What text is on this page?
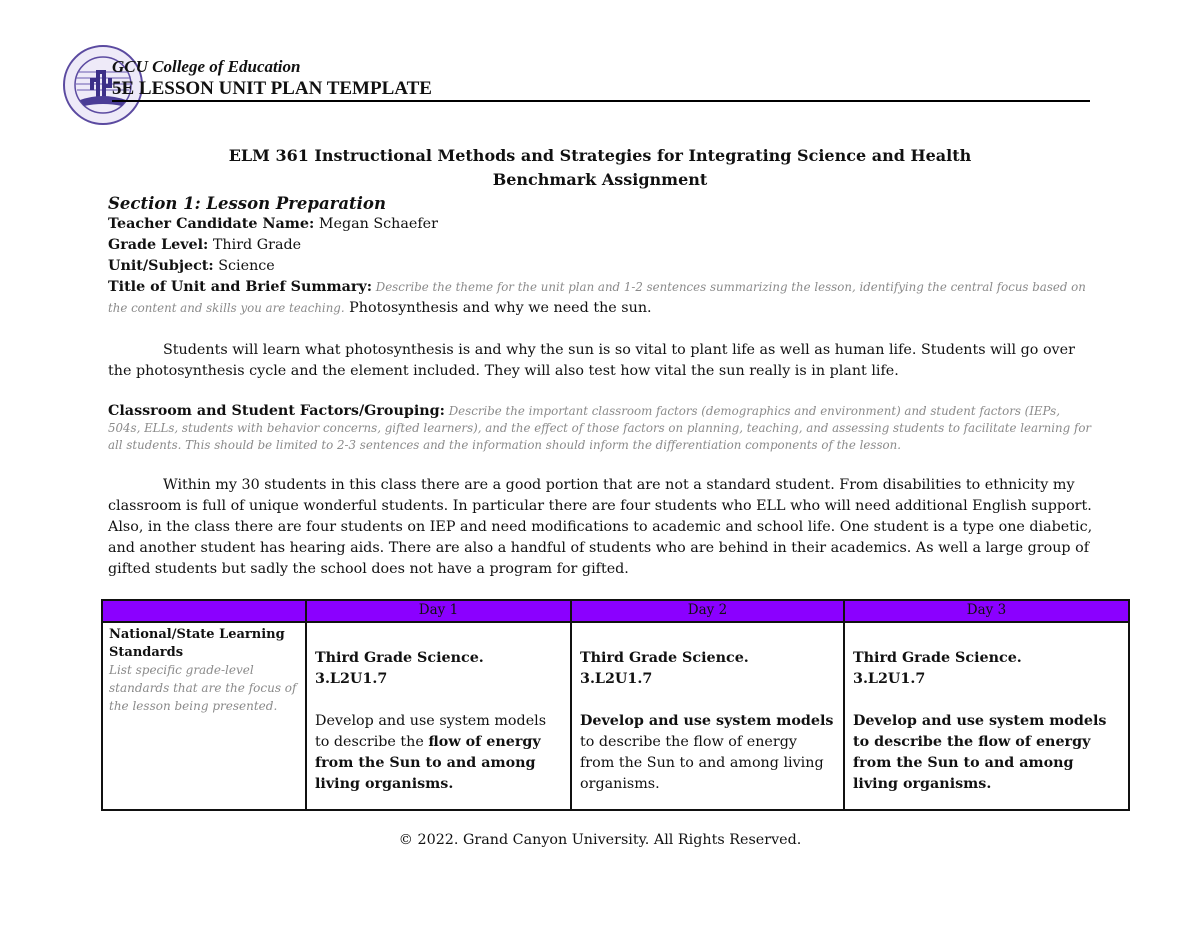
GCU College of Education
5E LESSON UNIT PLAN TEMPLATE
ELM 361 Instructional Methods and Strategies for Integrating Science and Health
Benchmark Assignment

Section 1: Lesson Preparation

Teacher Candidate Name: Megan Schaefer

Grade Level: Third Grade

Unit/Subject: Science

Title of Unit and Brief Summary: Describe the theme for the unit plan and 1-2 sentences summarizing the lesson, identifying the central focus based on the content and skills you are teaching. Photosynthesis and why we need the sun.

Students will learn what photosynthesis is and why the sun is so vital to plant life as well as human life. Students will go over the photosynthesis cycle and the element included. They will also test how vital the sun really is in plant life.

Classroom and Student Factors/Grouping: Describe the important classroom factors (demographics and environment) and student factors (IEPs, 504s, ELLs, students with behavior concerns, gifted learners), and the effect of those factors on planning, teaching, and assessing students to facilitate learning for all students. This should be limited to 2-3 sentences and the information should inform the differentiation components of the lesson.

Within my 30 students in this class there are a good portion that are not a standard student. From disabilities to ethnicity my classroom is full of unique wonderful students. In particular there are four students who ELL who will need additional English support. Also, in the class there are four students on IEP and need modifications to academic and school life. One student is a type one diabetic, and another student has hearing aids. There are also a handful of students who are behind in their academics. As well a large group of gifted students but sadly the school does not have a program for gifted.

	Day 1	Day 2	Day 3
National/State Learning Standards
List specific grade-level standards that are the focus of the lesson being presented.	Third Grade Science.
3.L2U1.7
Develop and use system models to describe the flow of energy from the Sun to and among living organisms.	Third Grade Science.
3.L2U1.7
Develop and use system models to describe the flow of energy from the Sun to and among living organisms.	Third Grade Science.
3.L2U1.7
Develop and use system models to describe the flow of energy from the Sun to and among living organisms.
© 2022. Grand Canyon University. All Rights Reserved.
